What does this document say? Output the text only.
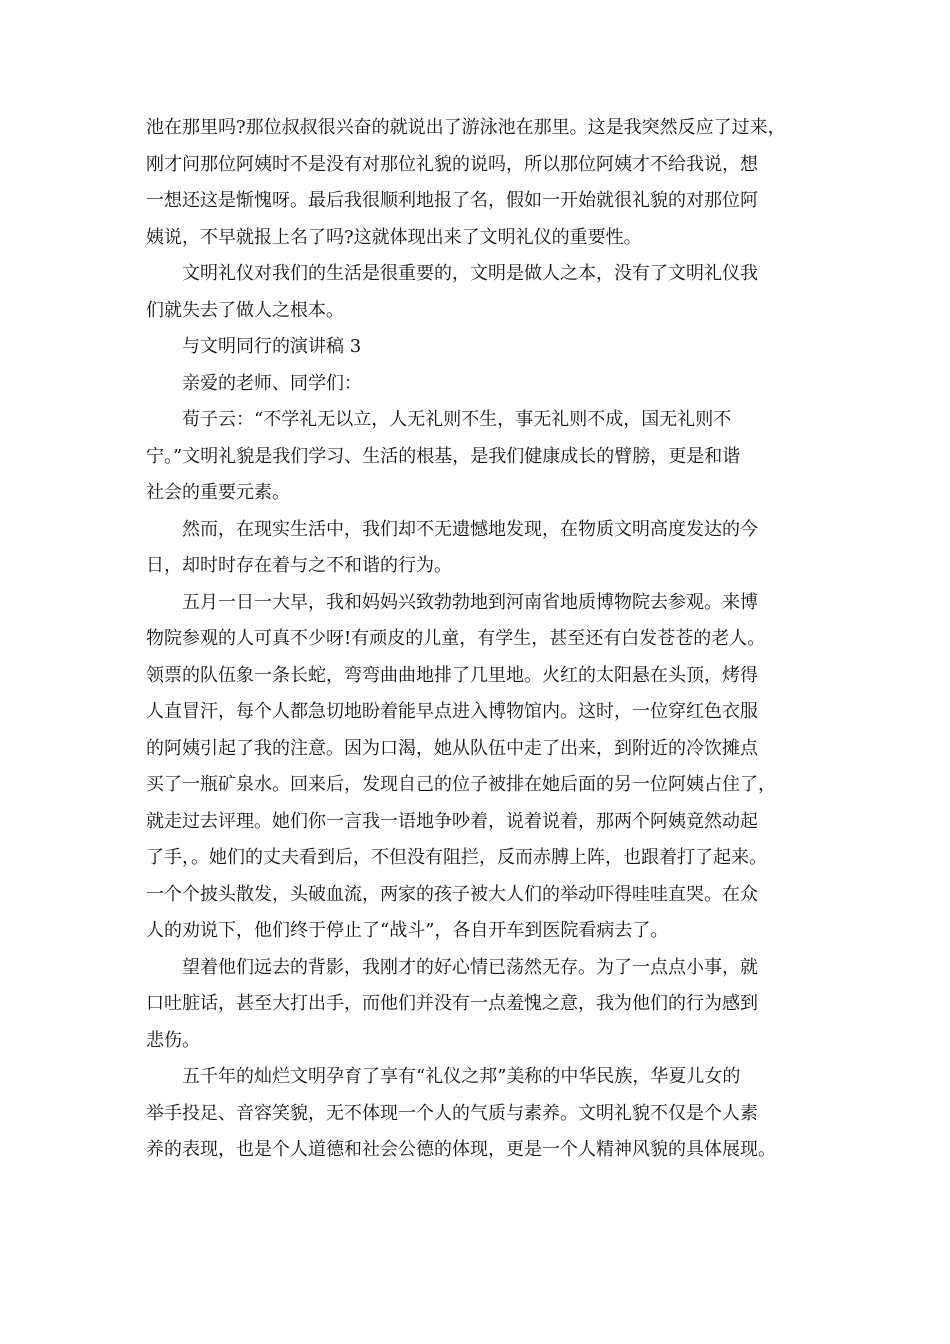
池在那里吗?那位叔叔很兴奋的就说出了游泳池在那里。这是我突然反应了过来，
刚才问那位阿姨时不是没有对那位礼貌的说吗，所以那位阿姨才不给我说，想
一想还这是惭愧呀。最后我很顺利地报了名，假如一开始就很礼貌的对那位阿
姨说，不早就报上名了吗?这就体现出来了文明礼仪的重要性。
文明礼仪对我们的生活是很重要的，文明是做人之本，没有了文明礼仪我
们就失去了做人之根本。
与文明同行的演讲稿 3
亲爱的老师、同学们：
荀子云：“不学礼无以立，人无礼则不生，事无礼则不成，国无礼则不
宁。”文明礼貌是我们学习、生活的根基，是我们健康成长的臂膀，更是和谐
社会的重要元素。
然而，在现实生活中，我们却不无遗憾地发现，在物质文明高度发达的今
日，却时时存在着与之不和谐的行为。
五月一日一大早，我和妈妈兴致勃勃地到河南省地质博物院去参观。来博
物院参观的人可真不少呀!有顽皮的儿童，有学生，甚至还有白发苍苍的老人。
领票的队伍象一条长蛇，弯弯曲曲地排了几里地。火红的太阳悬在头顶，烤得
人直冒汗，每个人都急切地盼着能早点进入博物馆内。这时，一位穿红色衣服
的阿姨引起了我的注意。因为口渴，她从队伍中走了出来，到附近的冷饮摊点
买了一瓶矿泉水。回来后，发现自己的位子被排在她后面的另一位阿姨占住了，
就走过去评理。她们你一言我一语地争吵着，说着说着，那两个阿姨竟然动起
了手，。她们的丈夫看到后，不但没有阻拦，反而赤膊上阵，也跟着打了起来。
一个个披头散发，头破血流，两家的孩子被大人们的举动吓得哇哇直哭。在众
人的劝说下，他们终于停止了“战斗”，各自开车到医院看病去了。
望着他们远去的背影，我刚才的好心情已荡然无存。为了一点点小事，就
口吐脏话，甚至大打出手，而他们并没有一点羞愧之意，我为他们的行为感到
悲伤。
五千年的灿烂文明孕育了享有“礼仪之邦”美称的中华民族，华夏儿女的
举手投足、音容笑貌，无不体现一个人的气质与素养。文明礼貌不仅是个人素
养的表现，也是个人道德和社会公德的体现，更是一个人精神风貌的具体展现。
